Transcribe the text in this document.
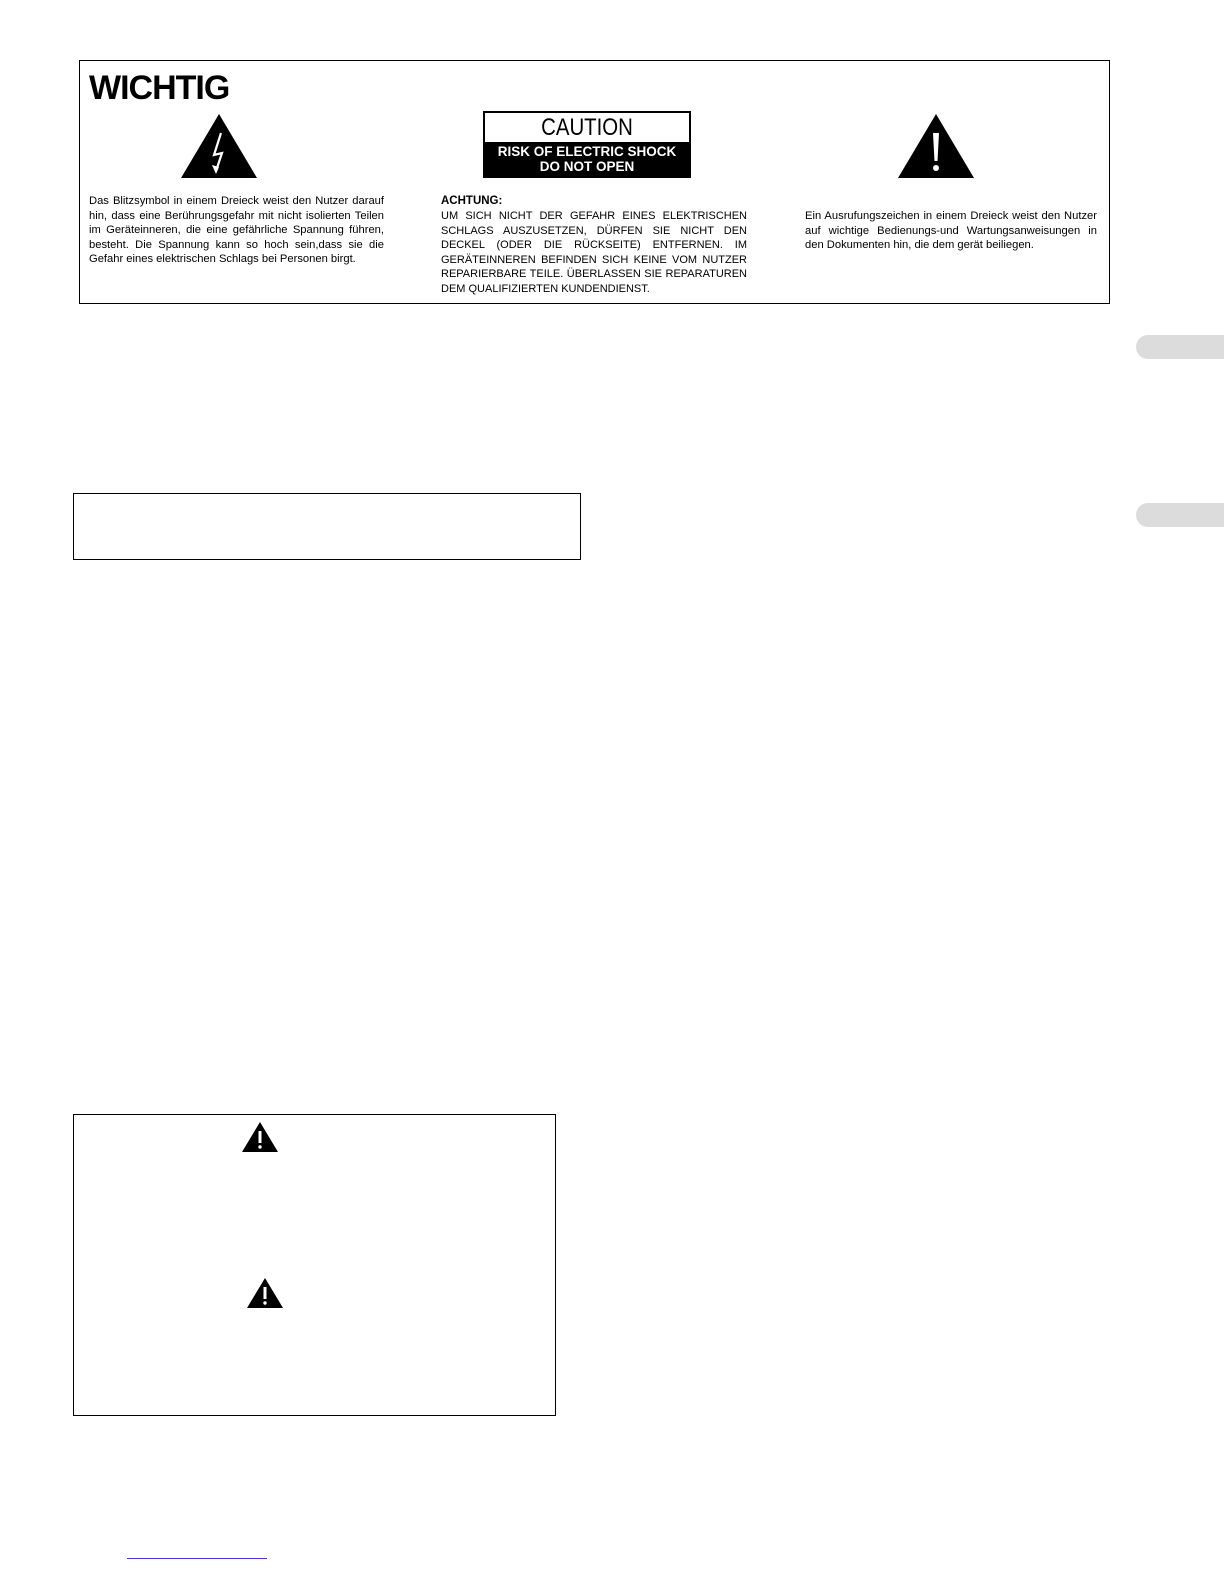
WICHTIG
CAUTION
RISK OF ELECTRIC SHOCK
DO NOT OPEN
Das Blitzsymbol in einem Dreieck weist den Nutzer darauf hin, dass eine Berührungsgefahr mit nicht isolierten Teilen im Geräteinneren, die eine gefährliche Spannung führen, besteht. Die Spannung kann so hoch sein,dass sie die Gefahr eines elektrischen Schlags bei Personen birgt.
ACHTUNG:
UM SICH NICHT DER GEFAHR EINES ELEKTRISCHEN SCHLAGS AUSZUSETZEN, DÜRFEN SIE NICHT DEN DECKEL (ODER DIE RÜCKSEITE) ENTFERNEN. IM GERÄTEINNEREN BEFINDEN SICH KEINE VOM NUTZER REPARIERBARE TEILE. ÜBERLASSEN SIE REPARATUREN DEM QUALIFIZIERTEN KUNDENDIENST.
Ein Ausrufungszeichen in einem Dreieck weist den Nutzer auf wichtige Bedienungs-und Wartungsanweisungen in den Dokumenten hin, die dem gerät beiliegen.
